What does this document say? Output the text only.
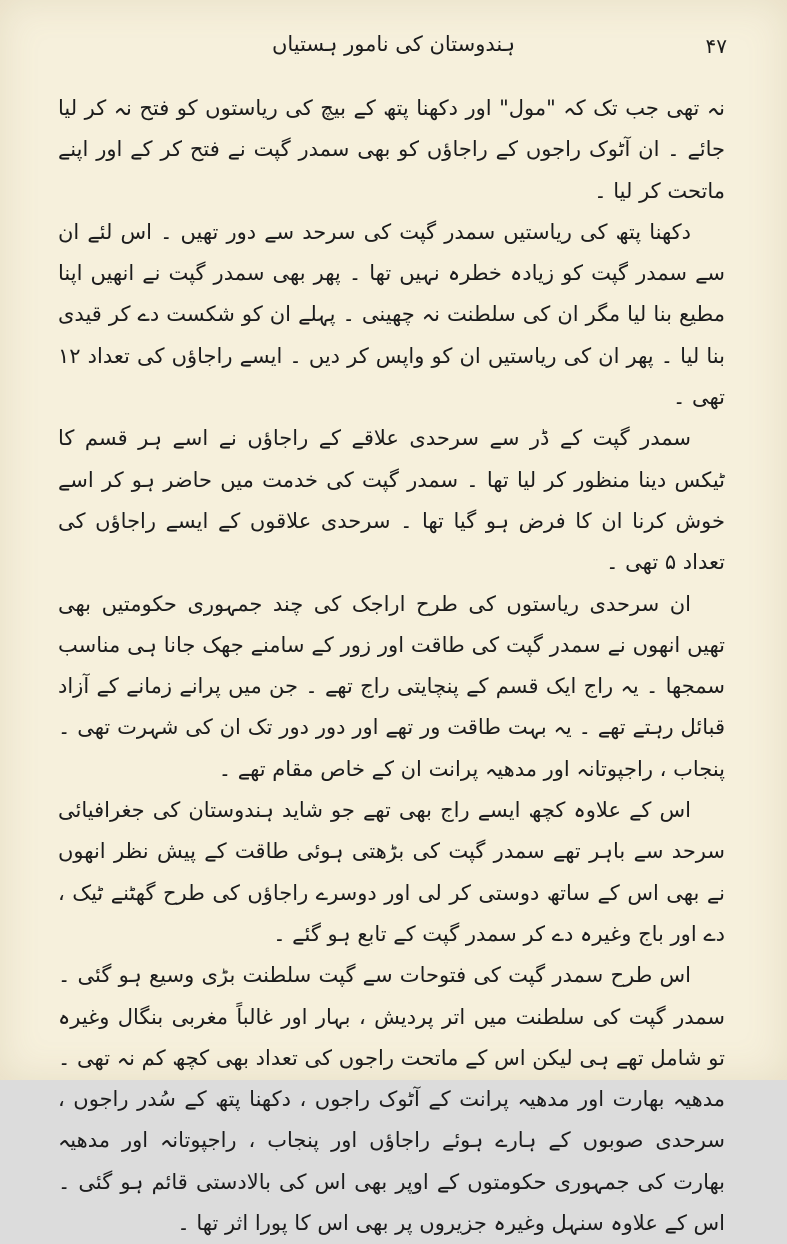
۴۷
ہندوستان کی نامور ہستیاں

نہ تھی جب تک کہ "مول" اور دکھنا پتھ کے بیچ کی ریاستوں کو فتح نہ کر لیا جائے ۔ ان آٹوک راجوں کے راجاؤں کو بھی سمدر گپت نے فتح کر کے اور اپنے ماتحت کر لیا ۔

دکھنا پتھ کی ریاستیں سمدر گپت کی سرحد سے دور تھیں ۔ اس لئے ان سے سمدر گپت کو زیادہ خطرہ نہیں تھا ۔ پھر بھی سمدر گپت نے انھیں اپنا مطیع بنا لیا مگر ان کی سلطنت نہ چھینی ۔ پہلے ان کو شکست دے کر قیدی بنا لیا ۔ پھر ان کی ریاستیں ان کو واپس کر دیں ۔ ایسے راجاؤں کی تعداد ۱۲ تھی ۔

سمدر گپت کے ڈر سے سرحدی علاقے کے راجاؤں نے اسے ہر قسم کا ٹیکس دینا منظور کر لیا تھا ۔ سمدر گپت کی خدمت میں حاضر ہو کر اسے خوش کرنا ان کا فرض ہو گیا تھا ۔ سرحدی علاقوں کے ایسے راجاؤں کی تعداد ۵ تھی ۔

ان سرحدی ریاستوں کی طرح اراجک کی چند جمہوری حکومتیں بھی تھیں انھوں نے سمدر گپت کی طاقت اور زور کے سامنے جھک جانا ہی مناسب سمجھا ۔ یہ راج ایک قسم کے پنچایتی راج تھے ۔ جن میں پرانے زمانے کے آزاد قبائل رہتے تھے ۔ یہ بہت طاقت ور تھے اور دور دور تک ان کی شہرت تھی ۔ پنجاب ، راجپوتانہ اور مدھیہ پرانت ان کے خاص مقام تھے ۔

اس کے علاوہ کچھ ایسے راج بھی تھے جو شاید ہندوستان کی جغرافیائی سرحد سے باہر تھے سمدر گپت کی بڑھتی ہوئی طاقت کے پیش نظر انھوں نے بھی اس کے ساتھ دوستی کر لی اور دوسرے راجاؤں کی طرح گھٹنے ٹیک ، دے اور باج وغیرہ دے کر سمدر گپت کے تابع ہو گئے ۔

اس طرح سمدر گپت کی فتوحات سے گپت سلطنت بڑی وسیع ہو گئی ۔ سمدر گپت کی سلطنت میں اتر پردیش ، بہار اور غالباً مغربی بنگال وغیرہ تو شامل تھے ہی لیکن اس کے ماتحت راجوں کی تعداد بھی کچھ کم نہ تھی ۔ مدھیہ بھارت اور مدھیہ پرانت کے آٹوک راجوں ، دکھنا پتھ کے سُدر راجوں ، سرحدی صوبوں کے ہارے ہوئے راجاؤں اور پنجاب ، راجپوتانہ اور مدھیہ بھارت کی جمہوری حکومتوں کے اوپر بھی اس کی بالادستی قائم ہو گئی ۔ اس کے علاوہ سنہل وغیرہ جزیروں پر بھی اس کا پورا اثر تھا ۔
